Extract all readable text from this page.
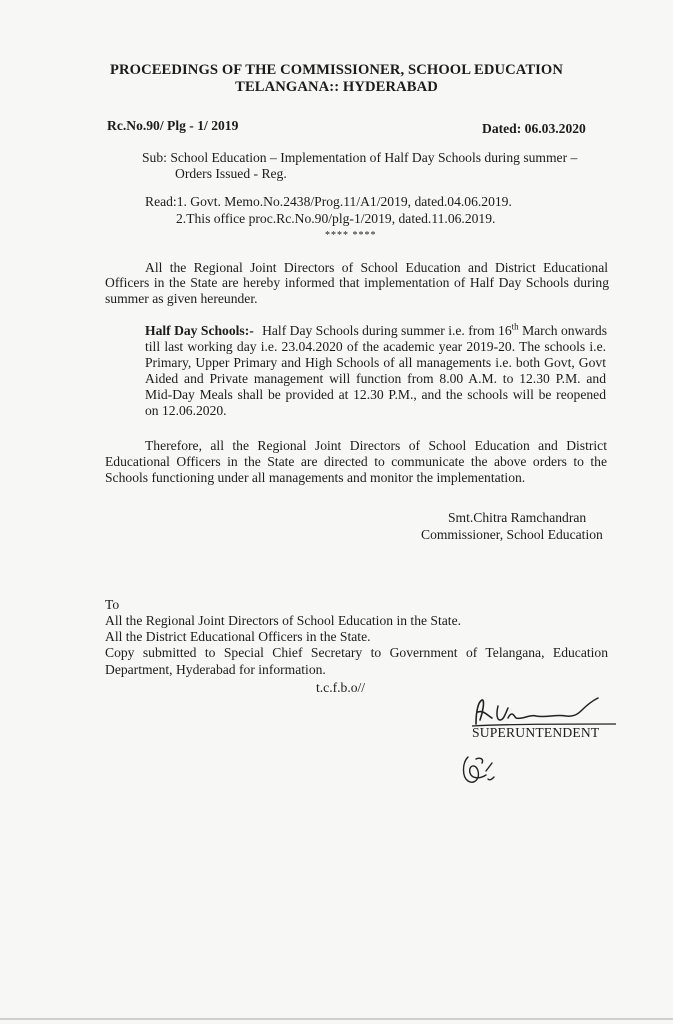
PROCEEDINGS OF THE COMMISSIONER, SCHOOL EDUCATION
TELANGANA:: HYDERABAD
Rc.No.90/ Plg - 1/ 2019	Dated: 06.03.2020
Sub: School Education – Implementation of Half Day Schools during summer –
Orders Issued - Reg.
Read:1. Govt. Memo.No.2438/Prog.11/A1/2019, dated.04.06.2019.
2.This office proc.Rc.No.90/plg-1/2019, dated.11.06.2019.
**** ****
All the Regional Joint Directors of School Education and District Educational
Officers in the State are hereby informed that implementation of Half Day Schools during
summer as given hereunder.
Half Day Schools:- Half Day Schools during summer i.e. from 16th March onwards
till last working day i.e. 23.04.2020 of the academic year 2019-20. The schools i.e.
Primary, Upper Primary and High Schools of all managements i.e. both Govt, Govt
Aided and Private management will function from 8.00 A.M. to 12.30 P.M. and
Mid-Day Meals shall be provided at 12.30 P.M., and the schools will be reopened
on 12.06.2020.
Therefore, all the Regional Joint Directors of School Education and District
Educational Officers in the State are directed to communicate the above orders to the
Schools functioning under all managements and monitor the implementation.
Smt.Chitra Ramchandran
Commissioner, School Education
To
All the Regional Joint Directors of School Education in the State.
All the District Educational Officers in the State.
Copy submitted to Special Chief Secretary to Government of Telangana, Education
Department, Hyderabad for information.
t.c.f.b.o//
SUPERUNTENDENT
